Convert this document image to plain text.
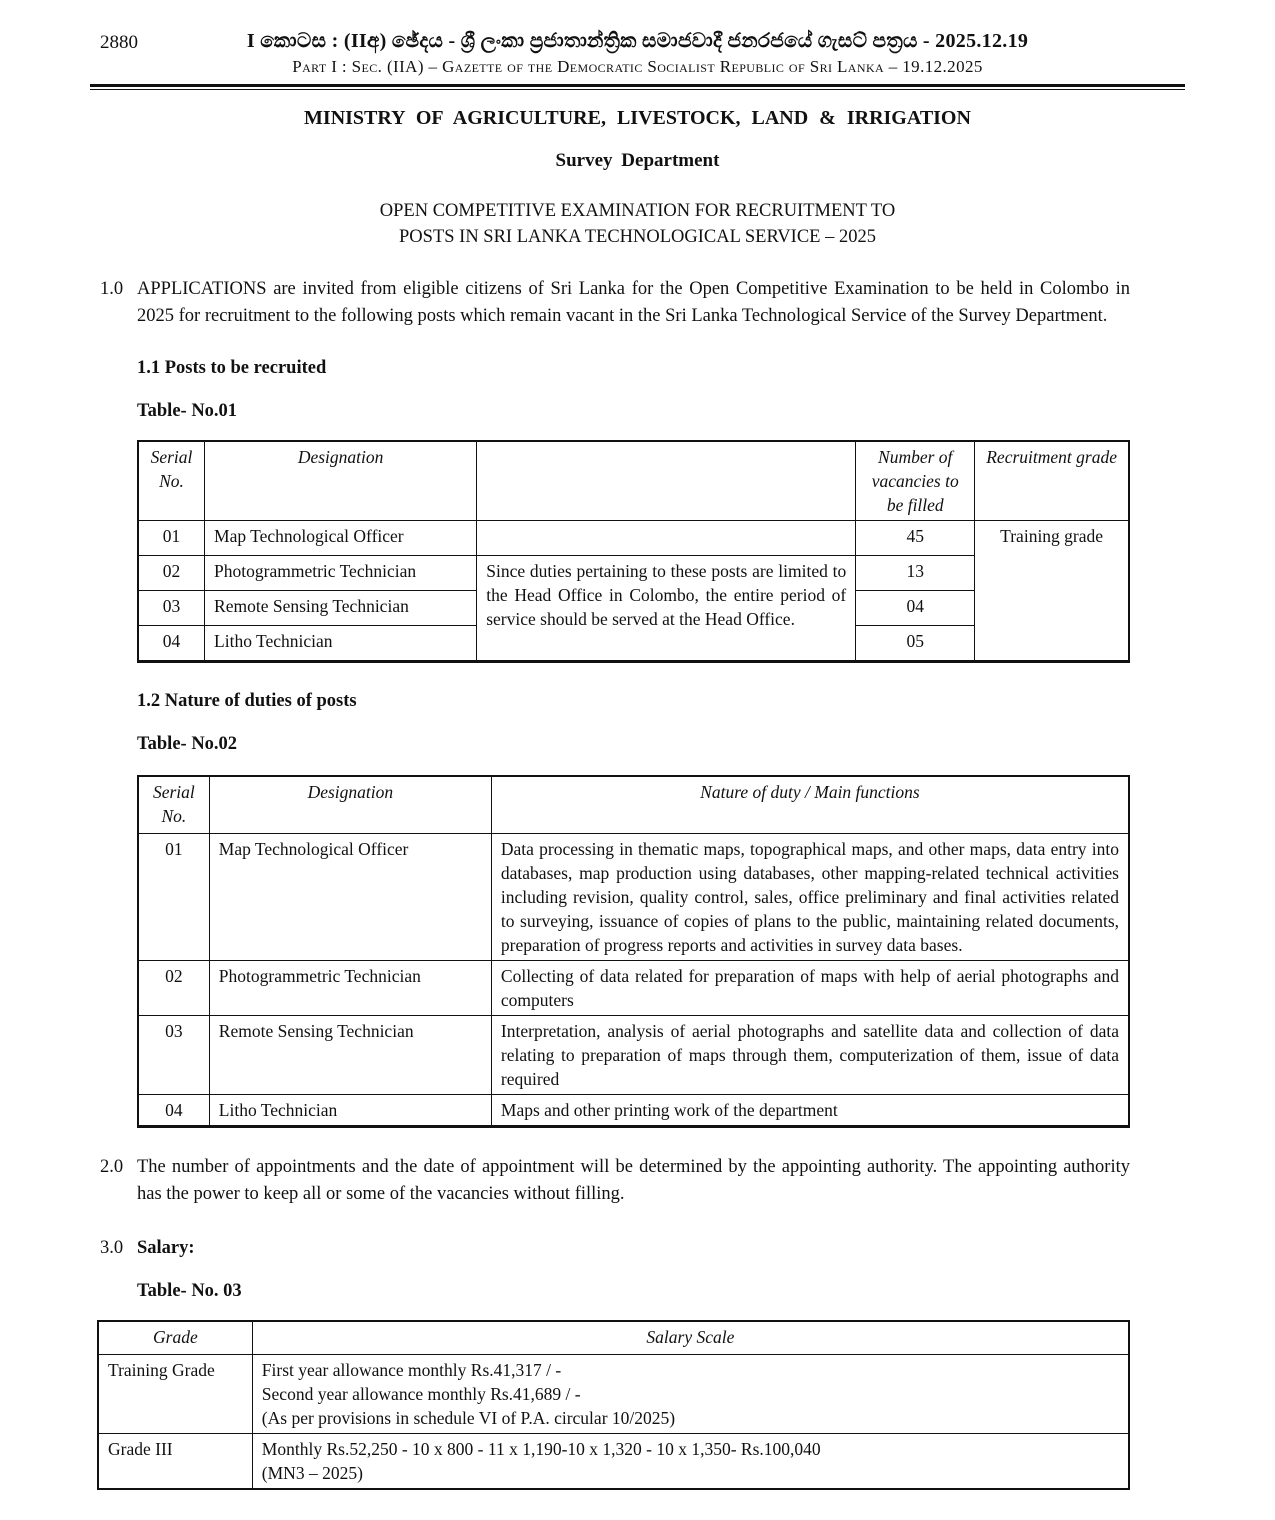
2880	I කොටස : (IIඅ) ඡේදය - ශ්‍රී ලංකා ප්‍රජාතාන්ත්‍රික සමාජවාදී ජනරජයේ ගැසට් පත්‍රය - 2025.12.19
Part I : Sec. (IIA) – Gazette of the Democratic Socialist Republic of Sri Lanka – 19.12.2025
MINISTRY OF AGRICULTURE, LIVESTOCK, LAND & IRRIGATION
Survey Department
OPEN COMPETITIVE EXAMINATION FOR RECRUITMENT TO
POSTS IN SRI LANKA TECHNOLOGICAL SERVICE – 2025
1.0 APPLICATIONS are invited from eligible citizens of Sri Lanka for the Open Competitive Examination to be held in Colombo in 2025 for recruitment to the following posts which remain vacant in the Sri Lanka Technological Service of the Survey Department.
1.1 Posts to be recruited
Table- No.01
Serial No.	Designation		Number of vacancies to be filled	Recruitment grade
01	Map Technological Officer		45	Training grade
02	Photogrammetric Technician	Since duties pertaining to these posts are limited to the Head Office in Colombo, the entire period of service should be served at the Head Office.	13	
03	Remote Sensing Technician		04	
04	Litho Technician		05	
1.2 Nature of duties of posts
Table- No.02
Serial No.	Designation	Nature of duty / Main functions
01	Map Technological Officer	Data processing in thematic maps, topographical maps, and other maps, data entry into databases, map production using databases, other mapping-related technical activities including revision, quality control, sales, office preliminary and final activities related to surveying, issuance of copies of plans to the public, maintaining related documents, preparation of progress reports and activities in survey data bases.
02	Photogrammetric Technician	Collecting of data related for preparation of maps with help of aerial photographs and computers
03	Remote Sensing Technician	Interpretation, analysis of aerial photographs and satellite data and collection of data relating to preparation of maps through them, computerization of them, issue of data required
04	Litho Technician	Maps and other printing work of the department
2.0 The number of appointments and the date of appointment will be determined by the appointing authority. The appointing authority has the power to keep all or some of the vacancies without filling.
3.0 Salary:
Table- No. 03
Grade	Salary Scale
Training Grade	First year allowance monthly Rs.41,317 / -
Second year allowance monthly Rs.41,689 / -
(As per provisions in schedule VI of P.A. circular 10/2025)

Grade III	Monthly Rs.52,250 - 10 x 800 - 11 x 1,190-10 x 1,320 - 10 x 1,350- Rs.100,040
(MN3 – 2025)
